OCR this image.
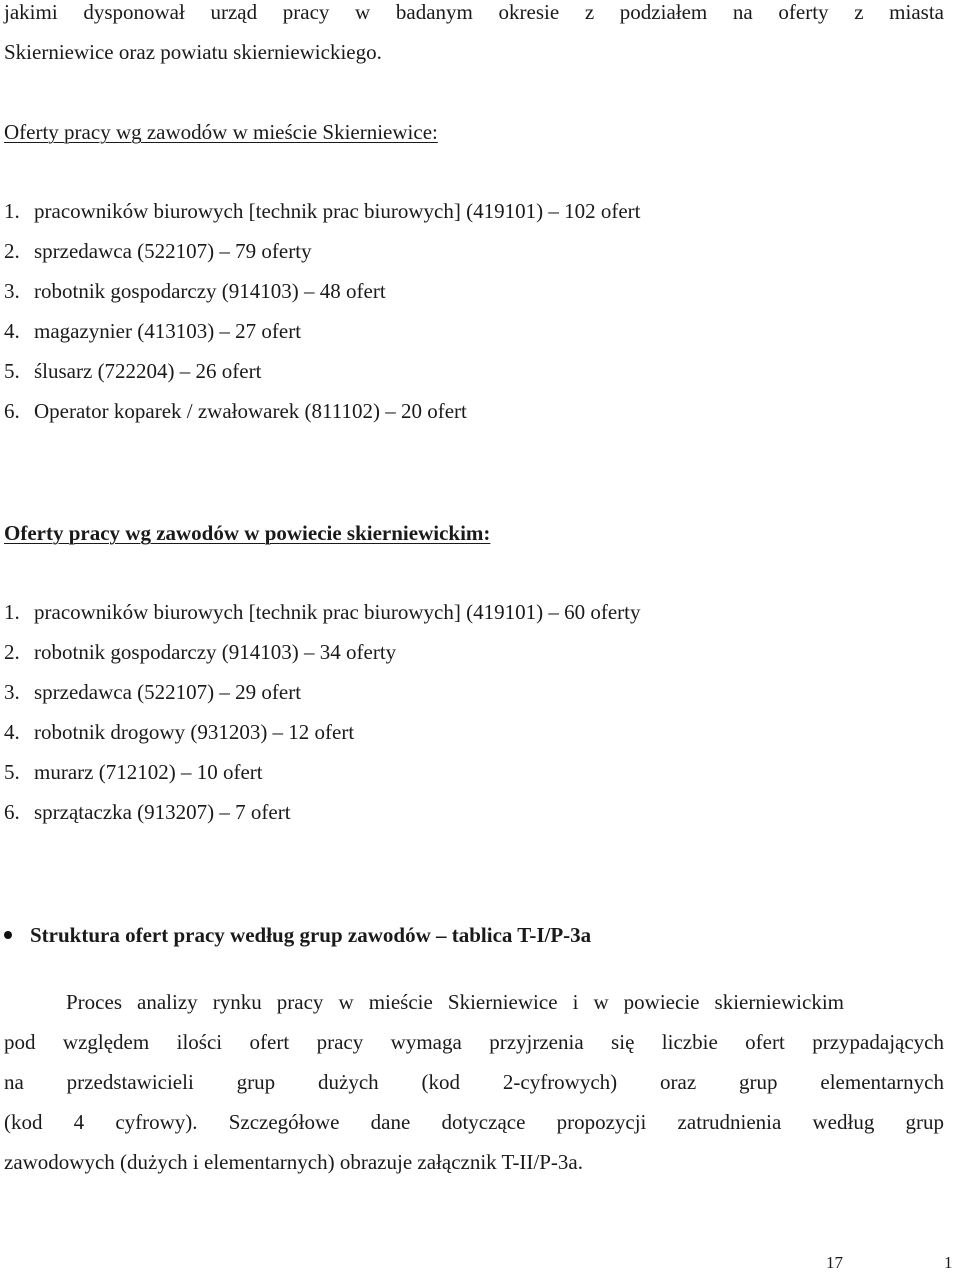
jakimi dysponował urząd pracy w badanym okresie z podziałem na oferty z miasta
Skierniewice oraz powiatu skierniewickiego.
Oferty pracy wg zawodów w mieście Skierniewice:
1. pracowników biurowych [technik prac biurowych] (419101) – 102 ofert
2. sprzedawca (522107) – 79 oferty
3. robotnik gospodarczy (914103) – 48 ofert
4. magazynier (413103) – 27 ofert
5. ślusarz (722204) – 26 ofert
6. Operator koparek / zwałowarek (811102) – 20 ofert
Oferty pracy wg zawodów w powiecie skierniewickim:
1. pracowników biurowych [technik prac biurowych] (419101) – 60 oferty
2. robotnik gospodarczy (914103) – 34 oferty
3. sprzedawca (522107) – 29 ofert
4. robotnik drogowy (931203) – 12 ofert
5. murarz (712102) – 10 ofert
6. sprzątaczka (913207) – 7 ofert
Struktura ofert pracy według grup zawodów – tablica T-I/P-3a
Proces analizy rynku pracy w mieście Skierniewice i w powiecie skierniewickim
pod względem ilości ofert pracy wymaga przyjrzenia się liczbie ofert przypadających
na przedstawicieli grup dużych (kod 2-cyfrowych) oraz grup elementarnych
(kod 4 cyfrowy). Szczegółowe dane dotyczące propozycji zatrudnienia według grup
zawodowych (dużych i elementarnych) obrazuje załącznik T-II/P-3a.
17	1
